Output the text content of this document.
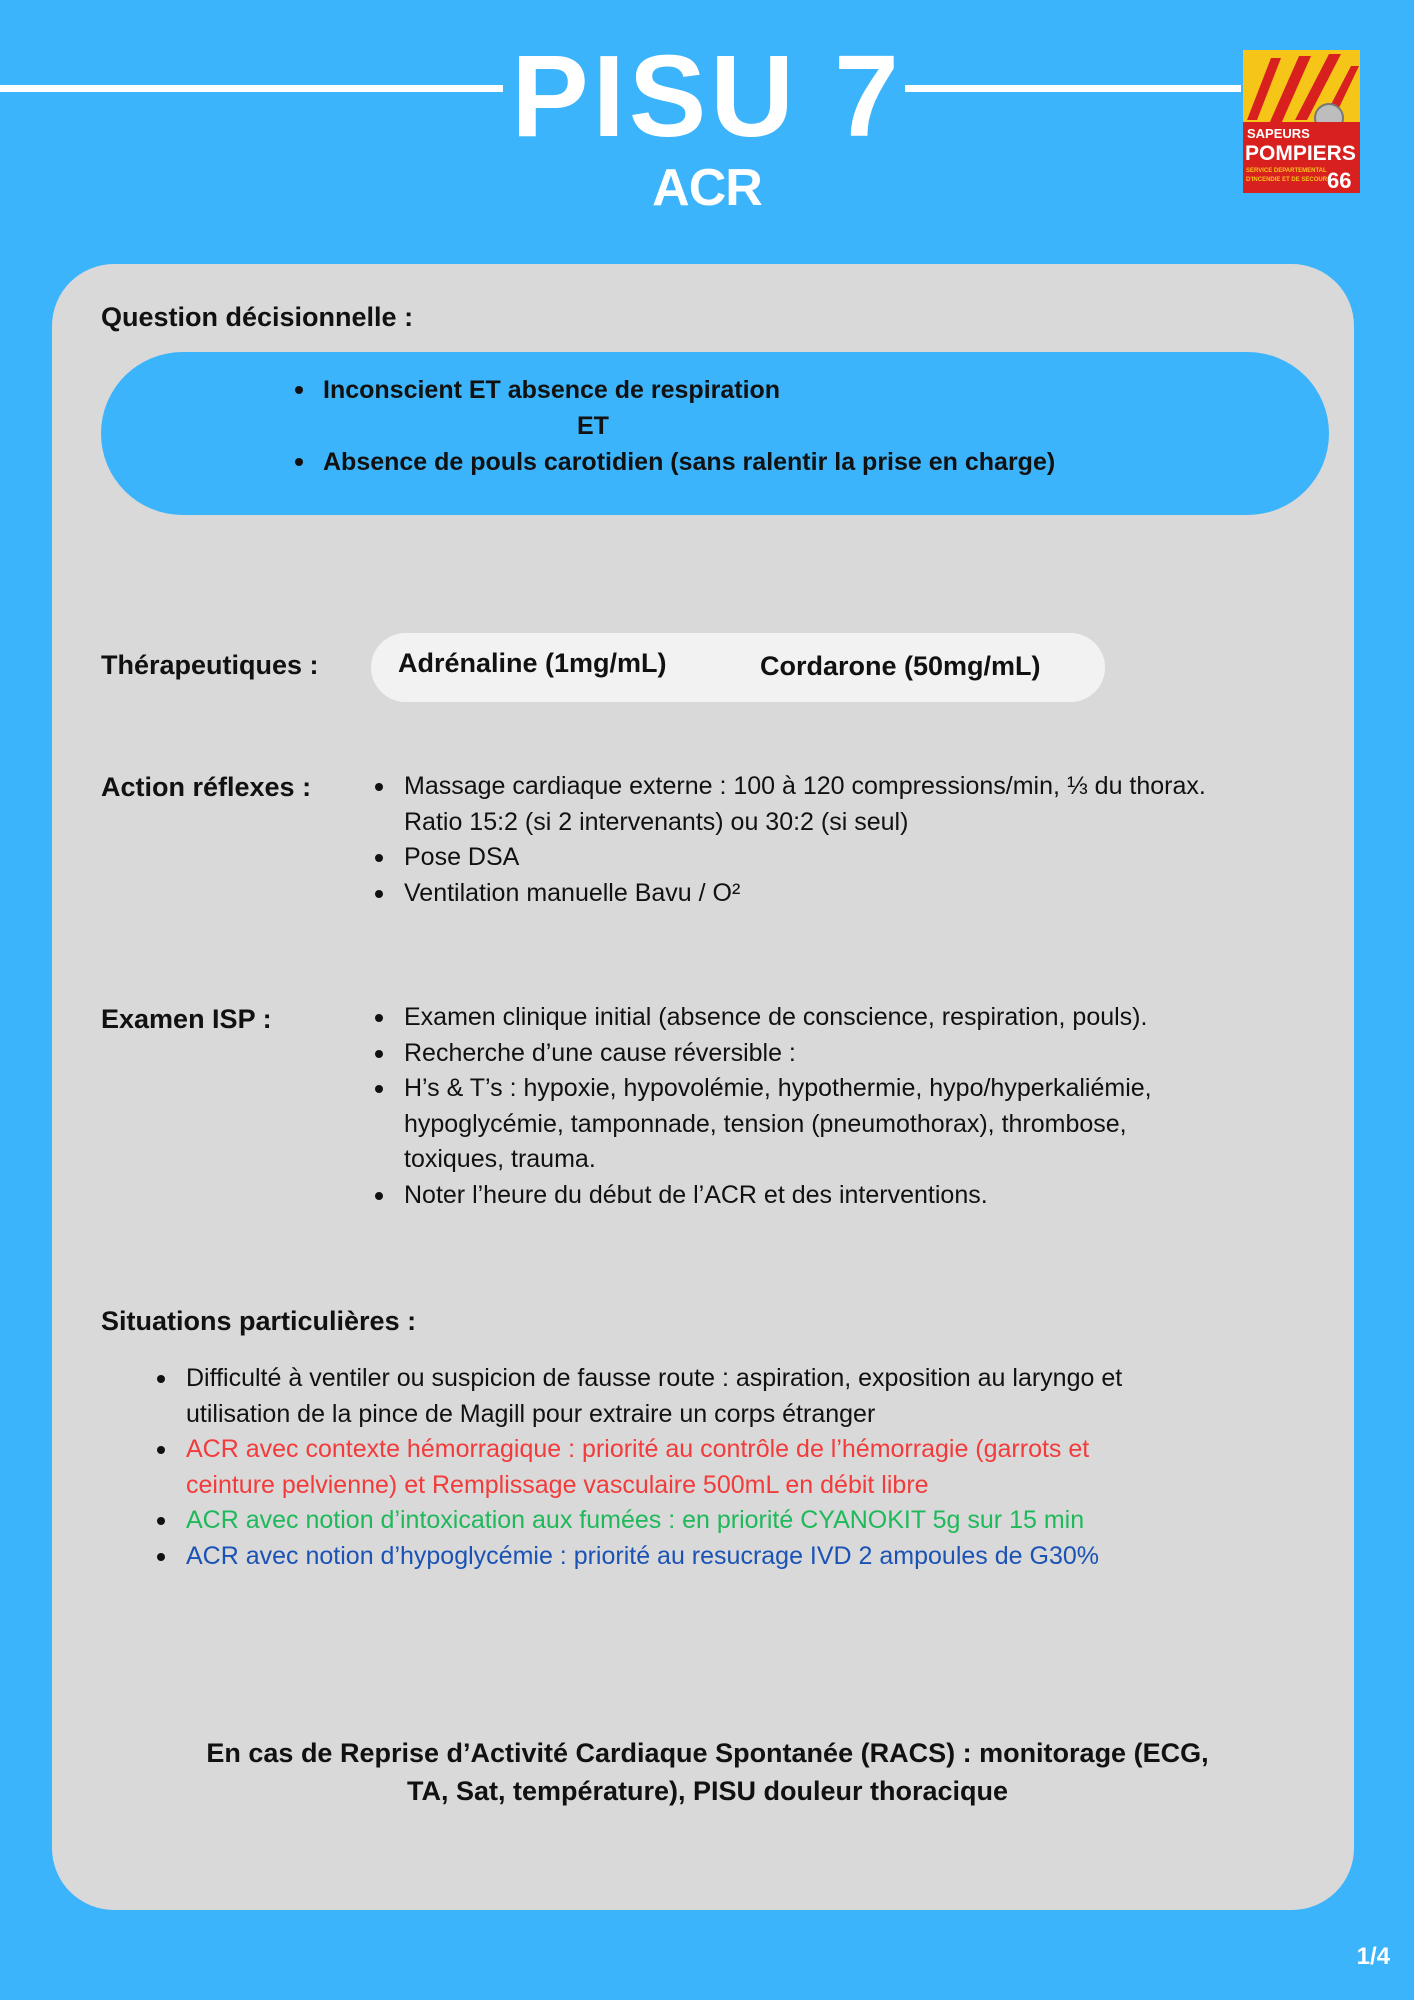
PISU 7
ACR
SAPEURS
POMPIERS
SERVICE DEPARTEMENTAL
D'INCENDIE ET DE SECOURS
66
Question décisionnelle :
Inconscient ET absence de respiration
ET
Absence de pouls carotidien (sans ralentir la prise en charge)
Thérapeutiques :	Adrénaline (1mg/mL)	Cordarone (50mg/mL)
Action réflexes :	Massage cardiaque externe : 100 à 120 compressions/min, ⅓ du thorax.
Ratio 15:2 (si 2 intervenants) ou 30:2 (si seul)
Pose DSA
Ventilation manuelle Bavu / O²
Examen ISP :	Examen clinique initial (absence de conscience, respiration, pouls).
Recherche d’une cause réversible :
H’s & T’s : hypoxie, hypovolémie, hypothermie, hypo/hyperkaliémie,
hypoglycémie, tamponnade, tension (pneumothorax), thrombose,
toxiques, trauma.
Noter l’heure du début de l’ACR et des interventions.
Situations particulières :
Difficulté à ventiler ou suspicion de fausse route : aspiration, exposition au laryngo et
utilisation de la pince de Magill pour extraire un corps étranger
ACR avec contexte hémorragique : priorité au contrôle de l’hémorragie (garrots et
ceinture pelvienne) et Remplissage vasculaire 500mL en débit libre
ACR avec notion d’intoxication aux fumées : en priorité CYANOKIT 5g sur 15 min
ACR avec notion d’hypoglycémie : priorité au resucrage IVD 2 ampoules de G30%
En cas de Reprise d’Activité Cardiaque Spontanée (RACS) : monitorage (ECG,
TA, Sat, température), PISU douleur thoracique
1/4
